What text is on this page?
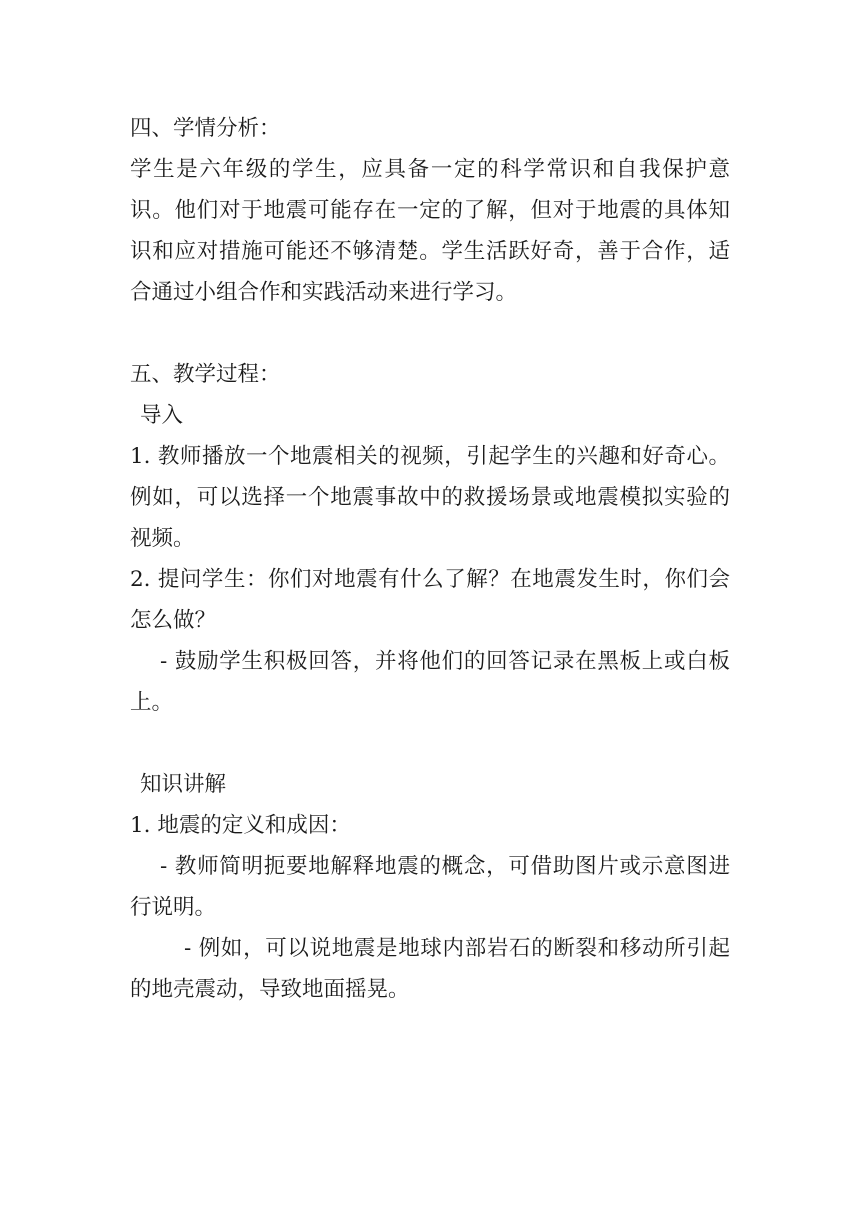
四、学情分析：

学生是六年级的学生，应具备一定的科学常识和自我保护意识。他们对于地震可能存在一定的了解，但对于地震的具体知识和应对措施可能还不够清楚。学生活跃好奇，善于合作，适合通过小组合作和实践活动来进行学习。

五、教学过程：

导入

1. 教师播放一个地震相关的视频，引起学生的兴趣和好奇心。例如，可以选择一个地震事故中的救援场景或地震模拟实验的视频。

2. 提问学生：你们对地震有什么了解？在地震发生时，你们会怎么做？

- 鼓励学生积极回答，并将他们的回答记录在黑板上或白板上。

知识讲解

1. 地震的定义和成因：

- 教师简明扼要地解释地震的概念，可借助图片或示意图进行说明。

- 例如，可以说地震是地球内部岩石的断裂和移动所引起的地壳震动，导致地面摇晃。
